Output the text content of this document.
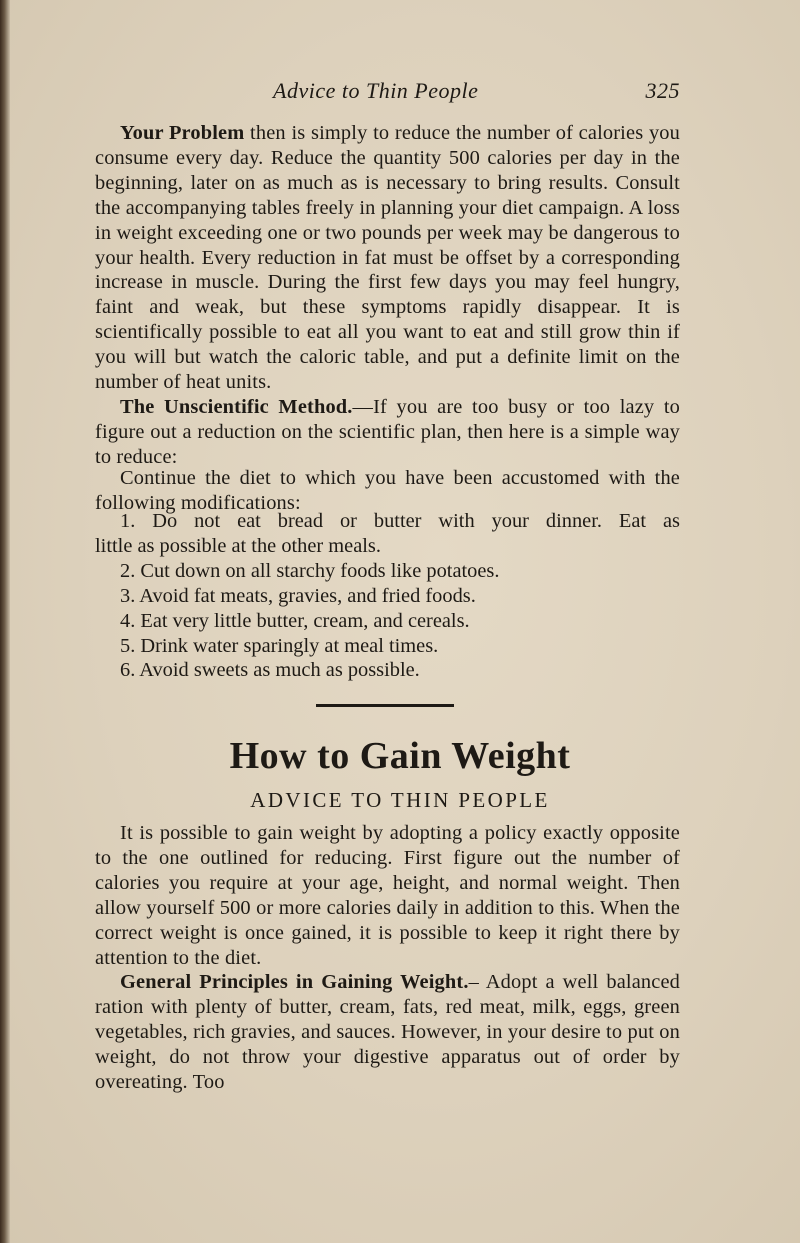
Advice to Thin People	325

Your Problem then is simply to reduce the number of calories you consume every day. Reduce the quantity 500 calories per day in the beginning, later on as much as is necessary to bring results. Consult the accompanying tables freely in planning your diet campaign. A loss in weight exceeding one or two pounds per week may be dangerous to your health. Every reduction in fat must be offset by a corresponding increase in muscle. During the first few days you may feel hungry, faint and weak, but these symptoms rapidly disappear. It is scientifically possible to eat all you want to eat and still grow thin if you will but watch the caloric table, and put a definite limit on the number of heat units.

The Unscientific Method.—If you are too busy or too lazy to figure out a reduction on the scientific plan, then here is a simple way to reduce:

Continue the diet to which you have been accustomed with the following modifications:

1. Do not eat bread or butter with your dinner. Eat as
little as possible at the other meals.
2. Cut down on all starchy foods like potatoes.
3. Avoid fat meats, gravies, and fried foods.
4. Eat very little butter, cream, and cereals.
5. Drink water sparingly at meal times.
6. Avoid sweets as much as possible.
How to Gain Weight
ADVICE TO THIN PEOPLE

It is possible to gain weight by adopting a policy exactly opposite to the one outlined for reducing. First figure out the number of calories you require at your age, height, and normal weight. Then allow yourself 500 or more calories daily in addition to this. When the correct weight is once gained, it is possible to keep it right there by attention to the diet.

General Principles in Gaining Weight.– Adopt a well balanced ration with plenty of butter, cream, fats, red meat, milk, eggs, green vegetables, rich gravies, and sauces. However, in your desire to put on weight, do not throw your digestive apparatus out of order by overeating. Too
